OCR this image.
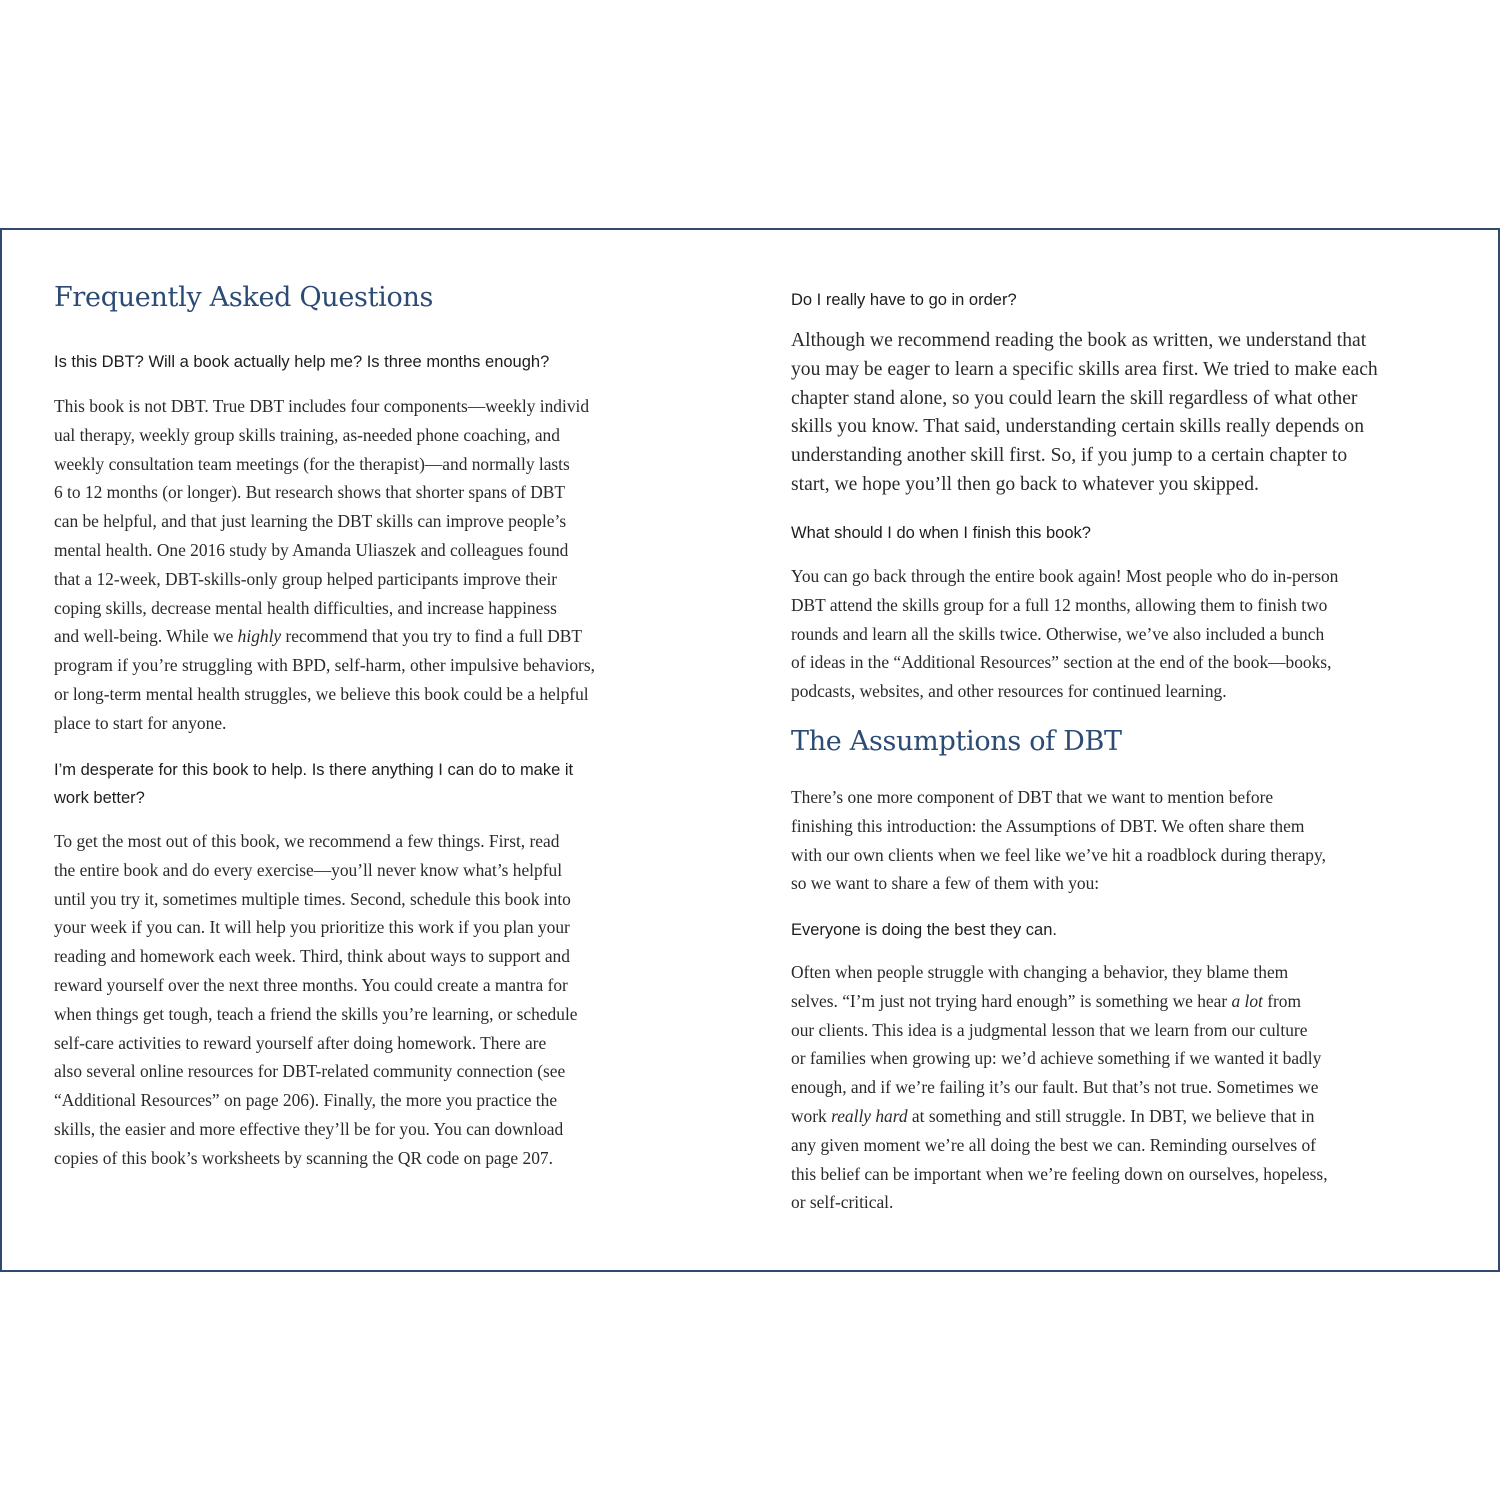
Frequently Asked Questions

Is this DBT? Will a book actually help me? Is three months enough?

This book is not DBT. True DBT includes four components—weekly individ
ual therapy, weekly group skills training, as-needed phone coaching, and
weekly consultation team meetings (for the therapist)—and normally lasts
6 to 12 months (or longer). But research shows that shorter spans of DBT
can be helpful, and that just learning the DBT skills can improve people’s
mental health. One 2016 study by Amanda Uliaszek and colleagues found
that a 12-week, DBT-skills-only group helped participants improve their
coping skills, decrease mental health difficulties, and increase happiness
and well-being. While we highly recommend that you try to find a full DBT
program if you’re struggling with BPD, self-harm, other impulsive behaviors,
or long-term mental health struggles, we believe this book could be a helpful
place to start for anyone.
I’m desperate for this book to help. Is there anything I can do to make it
work better?
To get the most out of this book, we recommend a few things. First, read
the entire book and do every exercise—you’ll never know what’s helpful
until you try it, sometimes multiple times. Second, schedule this book into
your week if you can. It will help you prioritize this work if you plan your
reading and homework each week. Third, think about ways to support and
reward yourself over the next three months. You could create a mantra for
when things get tough, teach a friend the skills you’re learning, or schedule
self-care activities to reward yourself after doing homework. There are
also several online resources for DBT-related community connection (see
“Additional Resources” on page 206). Finally, the more you practice the
skills, the easier and more effective they’ll be for you. You can download
copies of this book’s worksheets by scanning the QR code on page 207.

Do I really have to go in order?

Although we recommend reading the book as written, we understand that
you may be eager to learn a specific skills area first. We tried to make each
chapter stand alone, so you could learn the skill regardless of what other
skills you know. That said, understanding certain skills really depends on
understanding another skill first. So, if you jump to a certain chapter to
start, we hope you’ll then go back to whatever you skipped.

What should I do when I finish this book?

You can go back through the entire book again! Most people who do in-person
DBT attend the skills group for a full 12 months, allowing them to finish two
rounds and learn all the skills twice. Otherwise, we’ve also included a bunch
of ideas in the “Additional Resources” section at the end of the book—books,
podcasts, websites, and other resources for continued learning.
The Assumptions of DBT
There’s one more component of DBT that we want to mention before
finishing this introduction: the Assumptions of DBT. We often share them
with our own clients when we feel like we’ve hit a roadblock during therapy,
so we want to share a few of them with you:

Everyone is doing the best they can.

Often when people struggle with changing a behavior, they blame them
selves. “I’m just not trying hard enough” is something we hear a lot from
our clients. This idea is a judgmental lesson that we learn from our culture
or families when growing up: we’d achieve something if we wanted it badly
enough, and if we’re failing it’s our fault. But that’s not true. Sometimes we
work really hard at something and still struggle. In DBT, we believe that in
any given moment we’re all doing the best we can. Reminding ourselves of
this belief can be important when we’re feeling down on ourselves, hopeless,
or self-critical.
